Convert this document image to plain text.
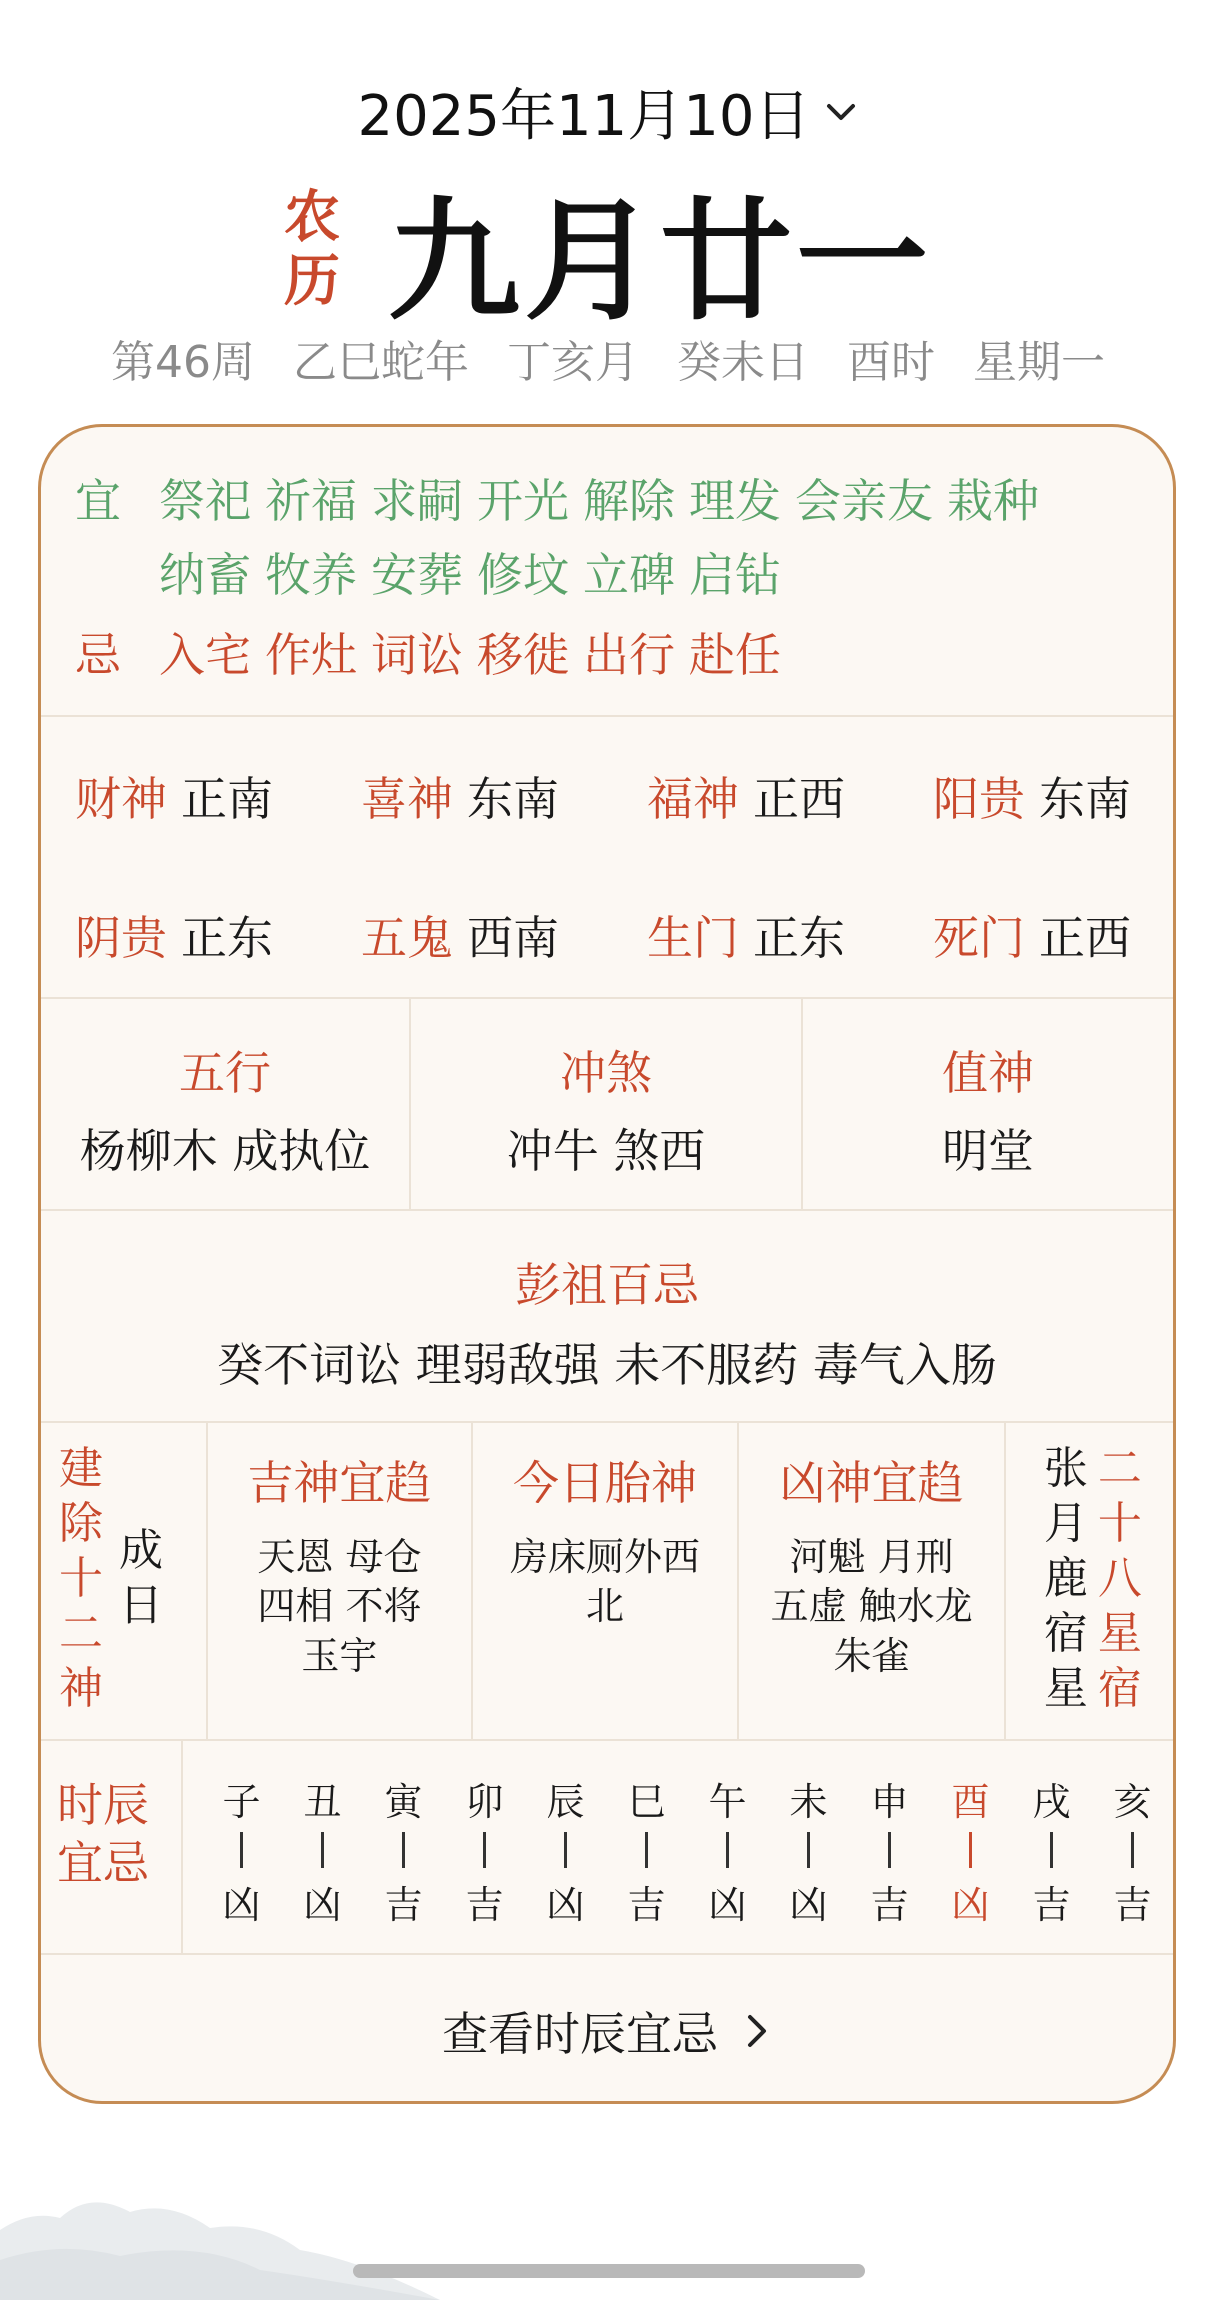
2025年11月10日
农
历 九月廿一
第46周 乙巳蛇年 丁亥月 癸未日 酉时 星期一
宜 祭祀 祈福 求嗣 开光 解除 理发 会亲友 栽种
纳畜 牧养 安葬 修坟 立碑 启钻
忌 入宅 作灶 词讼 移徙 出行 赴任
财神 正南 喜神 东南 福神 正西 阳贵 东南
阴贵 正东 五鬼 西南 生门 正东 死门 正西
五行
杨柳木 成执位
冲煞
冲牛 煞西
值神
明堂
彭祖百忌
癸不词讼 理弱敌强 未不服药 毒气入肠
建
除
十
二
神
成
日
吉神宜趋
天恩 母仓
四相 不将
玉宇
今日胎神
房床厕外西
北
凶神宜趋
河魁 月刑
五虚 触水龙
朱雀
张
月
鹿
宿
星
二
十
八
星
宿
时辰
宜忌
子
凶
丑
凶
寅
吉
卯
吉
辰
凶
巳
吉
午
凶
未
凶
申
吉
酉
凶
戌
吉
亥
吉
查看时辰宜忌
